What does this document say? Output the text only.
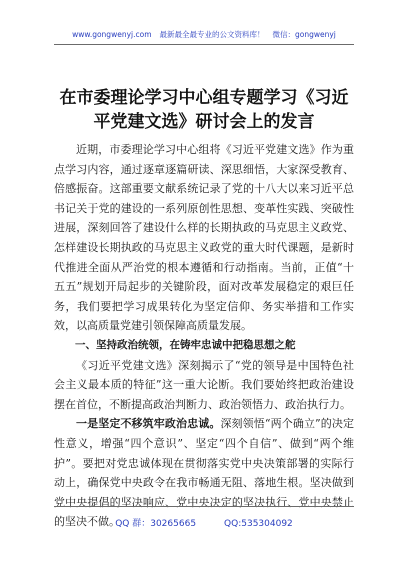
www.gongwenyj.com 最新最全最专业的公文资料库！ 微信：gongwenyj
在市委理论学习中心组专题学习《习近平党建文选》研讨会上的发言

近期，市委理论学习中心组将《习近平党建文选》作为重点学习内容，通过逐章逐篇研读、深思细悟，大家深受教育、倍感振奋。这部重要文献系统记录了党的十八大以来习近平总书记关于党的建设的一系列原创性思想、变革性实践、突破性进展，深刻回答了建设什么样的长期执政的马克思主义政党、怎样建设长期执政的马克思主义政党的重大时代课题，是新时代推进全面从严治党的根本遵循和行动指南。当前，正值“十五五”规划开局起步的关键阶段，面对改革发展稳定的艰巨任务，我们要把学习成果转化为坚定信仰、务实举措和工作实效，以高质量党建引领保障高质量发展。

一、坚持政治统领，在铸牢忠诚中把稳思想之舵

《习近平党建文选》深刻揭示了“党的领导是中国特色社会主义最本质的特征”这一重大论断。我们要始终把政治建设摆在首位，不断提高政治判断力、政治领悟力、政治执行力。

一是坚定不移筑牢政治忠诚。深刻领悟“两个确立”的决定性意义，增强“四个意识”、坚定“四个自信”、做到“两个维护”。要把对党忠诚体现在贯彻落实党中央决策部署的实际行动上，确保党中央政令在我市畅通无阻、落地生根。坚决做到党中央提倡的坚决响应、党中央决定的坚决执行、党中央禁止的坚决不做。

QQ 群：30265665	QQ:535304092
